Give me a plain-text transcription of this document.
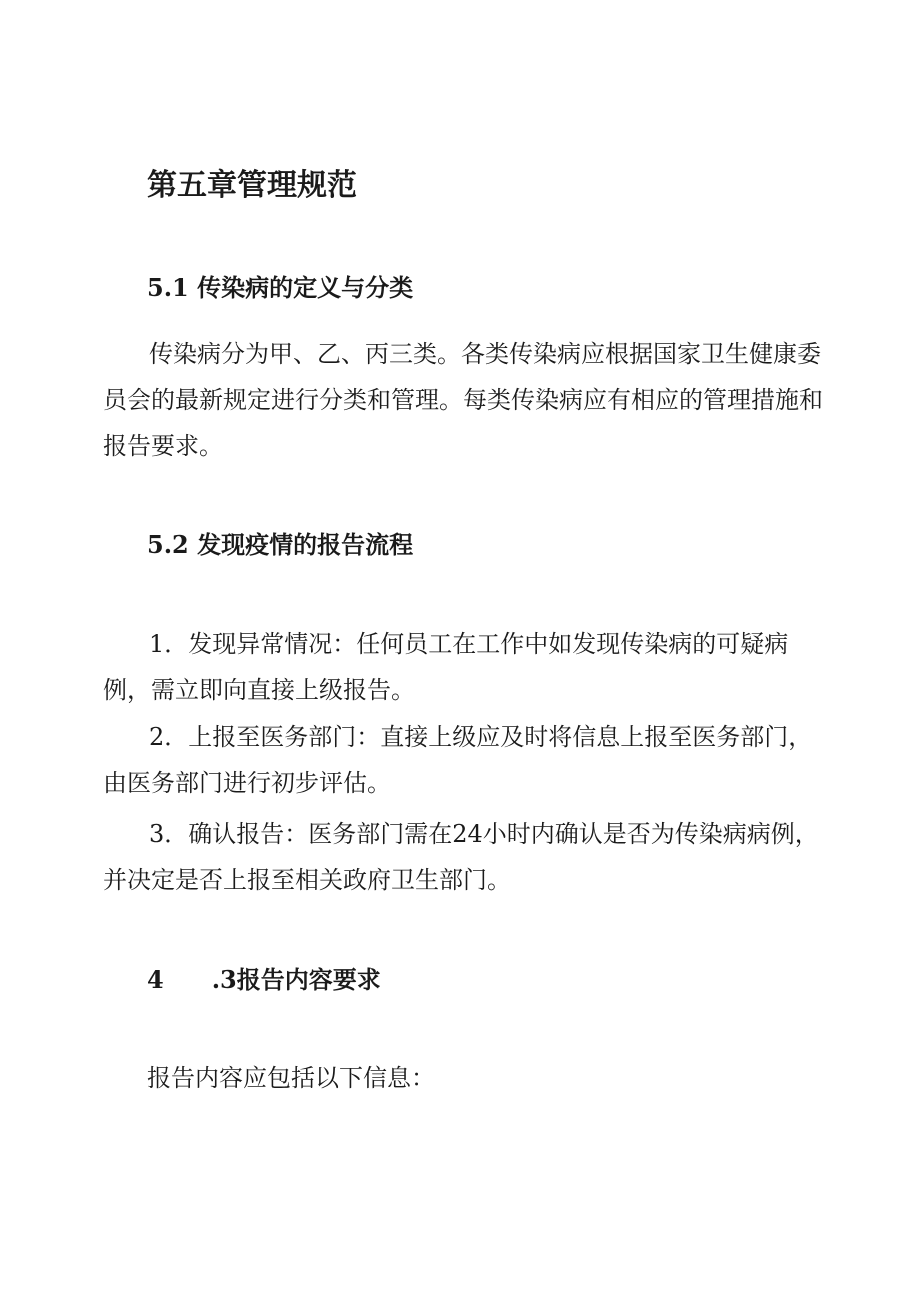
第五章管理规范
5.1 传染病的定义与分类

传染病分为甲、乙、丙三类。各类传染病应根据国家卫生健康委员会的最新规定进行分类和管理。每类传染病应有相应的管理措施和报告要求。

5.2 发现疫情的报告流程

1．发现异常情况：任何员工在工作中如发现传染病的可疑病例，需立即向直接上级报告。

2．上报至医务部门：直接上级应及时将信息上报至医务部门，由医务部门进行初步评估。

3．确认报告：医务部门需在24小时内确认是否为传染病病例，并决定是否上报至相关政府卫生部门。

4　　.3报告内容要求

报告内容应包括以下信息：
